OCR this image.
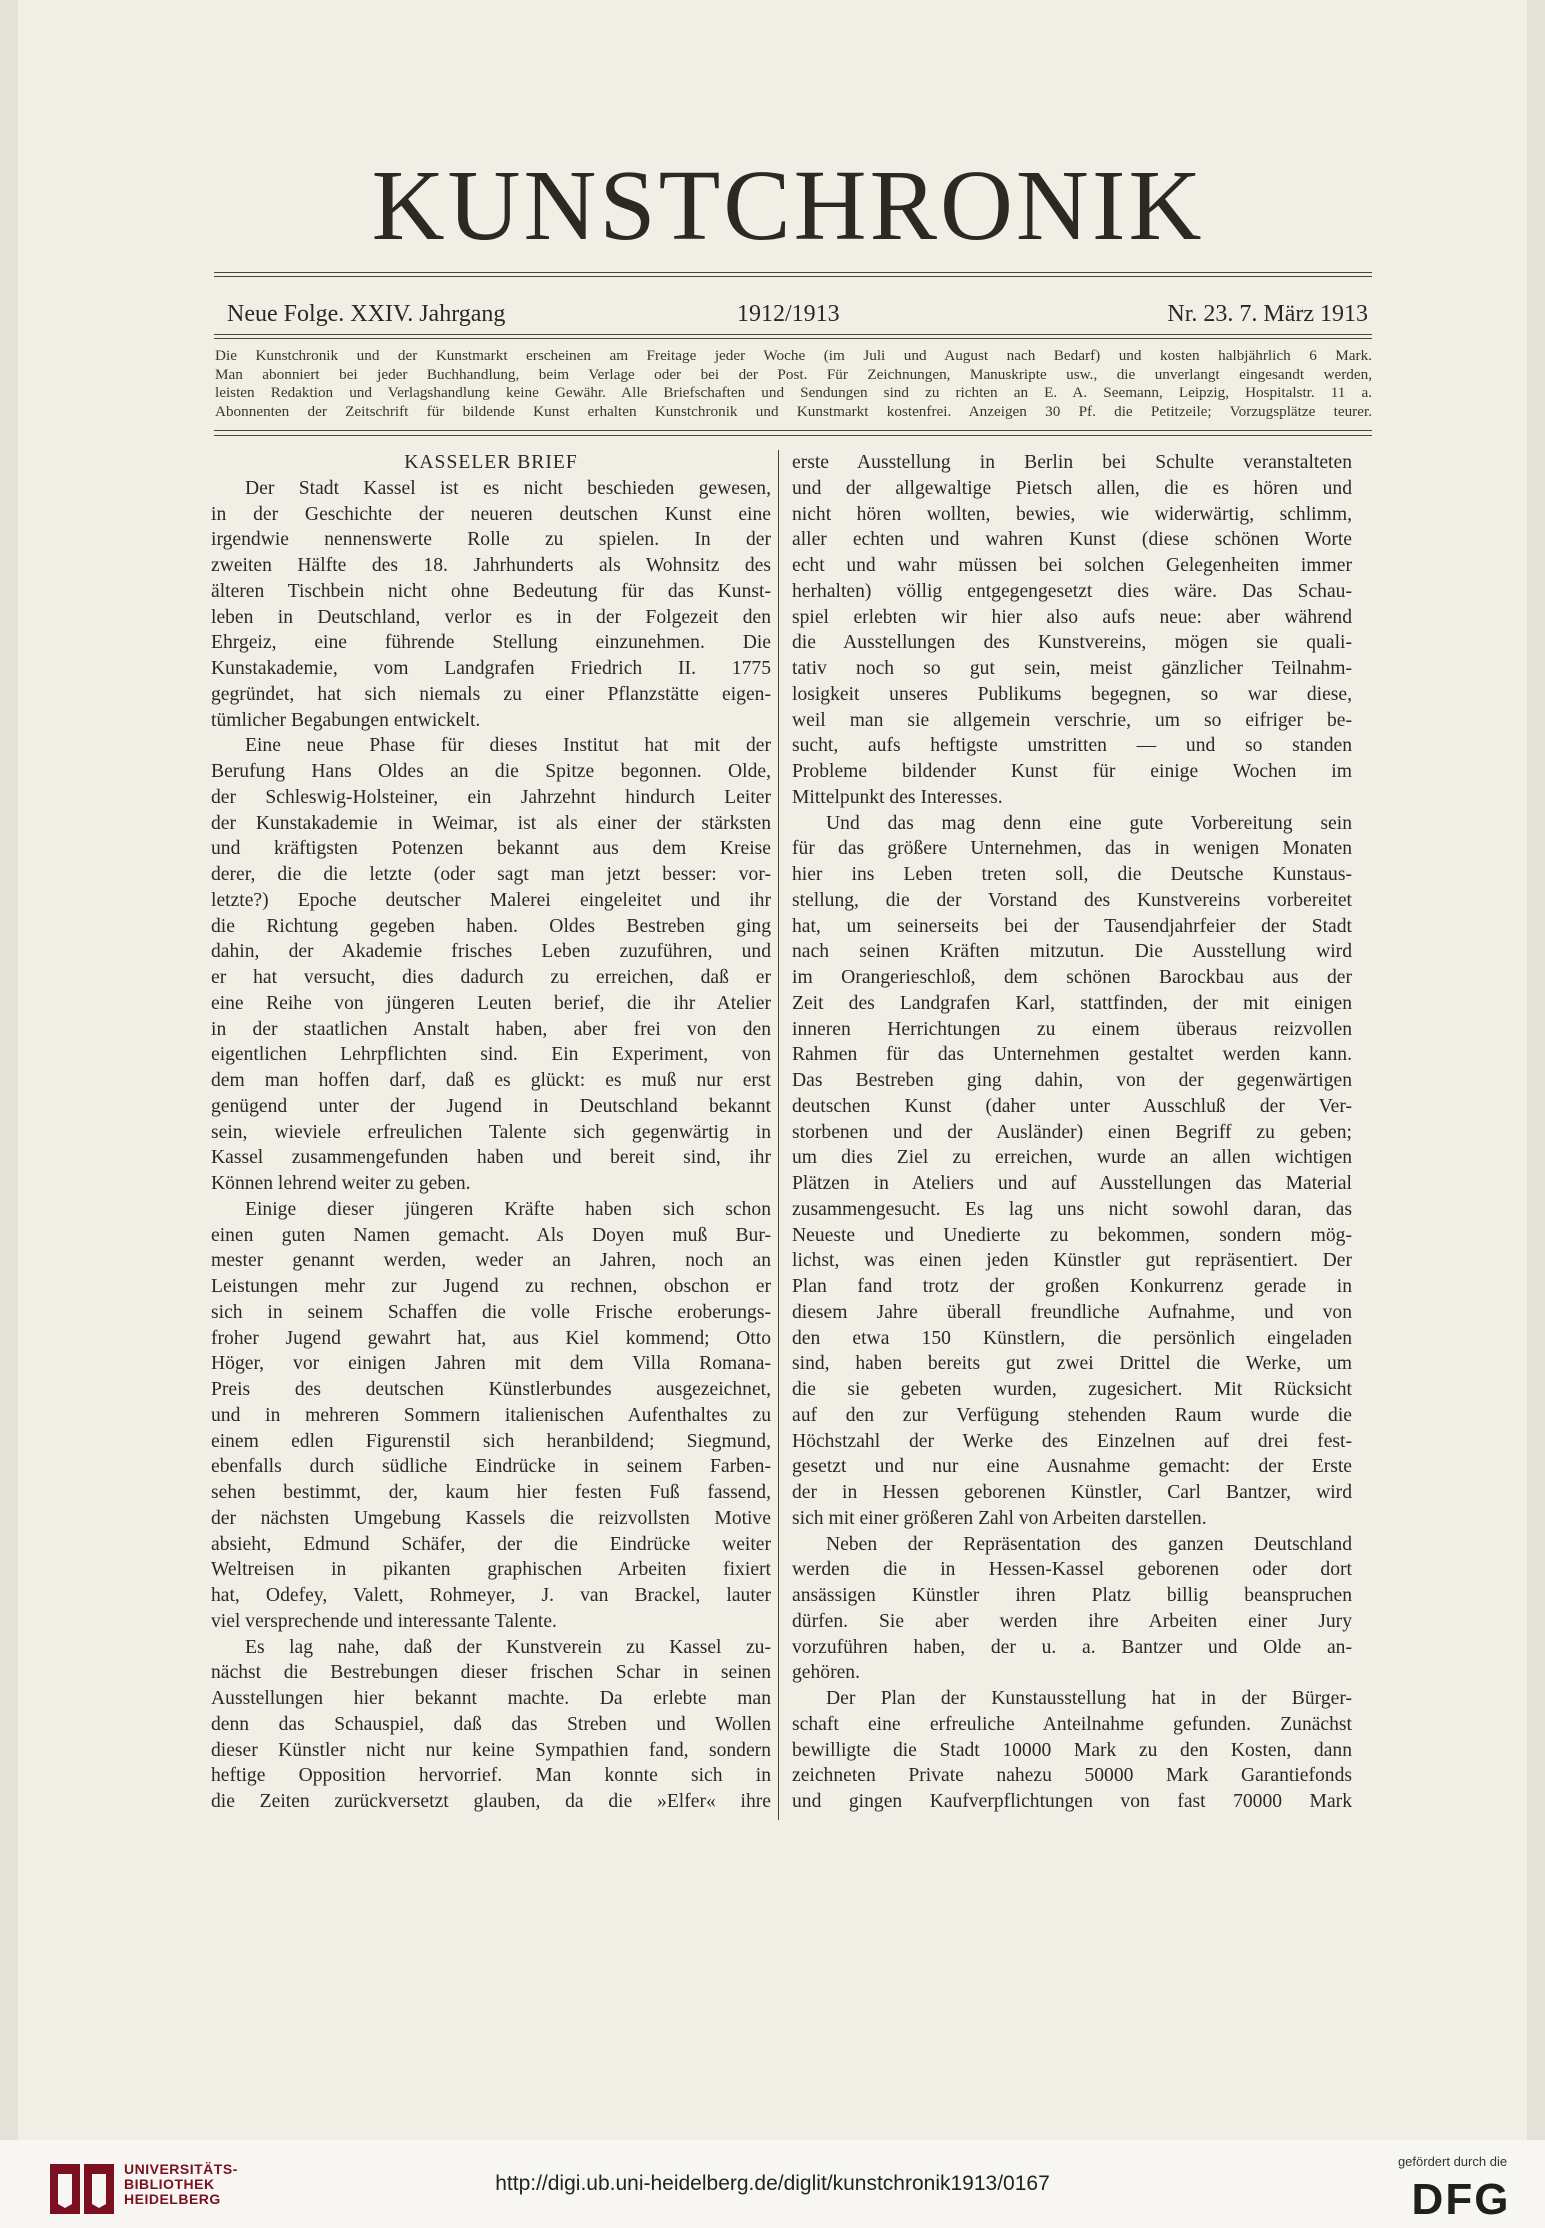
KUNSTCHRONIK
Neue Folge. XXIV. Jahrgang	1912/1913	Nr. 23. 7. März 1913
Die Kunstchronik und der Kunstmarkt erscheinen am Freitage jeder Woche (im Juli und August nach Bedarf) und kosten halbjährlich 6 Mark.
Man abonniert bei jeder Buchhandlung, beim Verlage oder bei der Post. Für Zeichnungen, Manuskripte usw., die unverlangt eingesandt werden,
leisten Redaktion und Verlagshandlung keine Gewähr. Alle Briefschaften und Sendungen sind zu richten an E. A. Seemann, Leipzig, Hospitalstr. 11 a.
Abonnenten der Zeitschrift für bildende Kunst erhalten Kunstchronik und Kunstmarkt kostenfrei. Anzeigen 30 Pf. die Petitzeile; Vorzugsplätze teurer.
KASSELER BRIEF
Der Stadt Kassel ist es nicht beschieden gewesen,
in der Geschichte der neueren deutschen Kunst eine
irgendwie nennenswerte Rolle zu spielen. In der
zweiten Hälfte des 18. Jahrhunderts als Wohnsitz des
älteren Tischbein nicht ohne Bedeutung für das Kunst-
leben in Deutschland, verlor es in der Folgezeit den
Ehrgeiz, eine führende Stellung einzunehmen. Die
Kunstakademie, vom Landgrafen Friedrich II. 1775
gegründet, hat sich niemals zu einer Pflanzstätte eigen-
tümlicher Begabungen entwickelt.
Eine neue Phase für dieses Institut hat mit der
Berufung Hans Oldes an die Spitze begonnen. Olde,
der Schleswig-Holsteiner, ein Jahrzehnt hindurch Leiter
der Kunstakademie in Weimar, ist als einer der stärksten
und kräftigsten Potenzen bekannt aus dem Kreise
derer, die die letzte (oder sagt man jetzt besser: vor-
letzte?) Epoche deutscher Malerei eingeleitet und ihr
die Richtung gegeben haben. Oldes Bestreben ging
dahin, der Akademie frisches Leben zuzuführen, und
er hat versucht, dies dadurch zu erreichen, daß er
eine Reihe von jüngeren Leuten berief, die ihr Atelier
in der staatlichen Anstalt haben, aber frei von den
eigentlichen Lehrpflichten sind. Ein Experiment, von
dem man hoffen darf, daß es glückt: es muß nur erst
genügend unter der Jugend in Deutschland bekannt
sein, wieviele erfreulichen Talente sich gegenwärtig in
Kassel zusammengefunden haben und bereit sind, ihr
Können lehrend weiter zu geben.
Einige dieser jüngeren Kräfte haben sich schon
einen guten Namen gemacht. Als Doyen muß Bur-
mester genannt werden, weder an Jahren, noch an
Leistungen mehr zur Jugend zu rechnen, obschon er
sich in seinem Schaffen die volle Frische eroberungs-
froher Jugend gewahrt hat, aus Kiel kommend; Otto
Höger, vor einigen Jahren mit dem Villa Romana-
Preis des deutschen Künstlerbundes ausgezeichnet,
und in mehreren Sommern italienischen Aufenthaltes zu
einem edlen Figurenstil sich heranbildend; Siegmund,
ebenfalls durch südliche Eindrücke in seinem Farben-
sehen bestimmt, der, kaum hier festen Fuß fassend,
der nächsten Umgebung Kassels die reizvollsten Motive
absieht, Edmund Schäfer, der die Eindrücke weiter
Weltreisen in pikanten graphischen Arbeiten fixiert
hat, Odefey, Valett, Rohmeyer, J. van Brackel, lauter
viel versprechende und interessante Talente.
Es lag nahe, daß der Kunstverein zu Kassel zu-
nächst die Bestrebungen dieser frischen Schar in seinen
Ausstellungen hier bekannt machte. Da erlebte man
denn das Schauspiel, daß das Streben und Wollen
dieser Künstler nicht nur keine Sympathien fand, sondern
heftige Opposition hervorrief. Man konnte sich in
die Zeiten zurückversetzt glauben, da die »Elfer« ihre
erste Ausstellung in Berlin bei Schulte veranstalteten
und der allgewaltige Pietsch allen, die es hören und
nicht hören wollten, bewies, wie widerwärtig, schlimm,
aller echten und wahren Kunst (diese schönen Worte
echt und wahr müssen bei solchen Gelegenheiten immer
herhalten) völlig entgegengesetzt dies wäre. Das Schau-
spiel erlebten wir hier also aufs neue: aber während
die Ausstellungen des Kunstvereins, mögen sie quali-
tativ noch so gut sein, meist gänzlicher Teilnahm-
losigkeit unseres Publikums begegnen, so war diese,
weil man sie allgemein verschrie, um so eifriger be-
sucht, aufs heftigste umstritten — und so standen
Probleme bildender Kunst für einige Wochen im
Mittelpunkt des Interesses.
Und das mag denn eine gute Vorbereitung sein
für das größere Unternehmen, das in wenigen Monaten
hier ins Leben treten soll, die Deutsche Kunstaus-
stellung, die der Vorstand des Kunstvereins vorbereitet
hat, um seinerseits bei der Tausendjahrfeier der Stadt
nach seinen Kräften mitzutun. Die Ausstellung wird
im Orangerieschloß, dem schönen Barockbau aus der
Zeit des Landgrafen Karl, stattfinden, der mit einigen
inneren Herrichtungen zu einem überaus reizvollen
Rahmen für das Unternehmen gestaltet werden kann.
Das Bestreben ging dahin, von der gegenwärtigen
deutschen Kunst (daher unter Ausschluß der Ver-
storbenen und der Ausländer) einen Begriff zu geben;
um dies Ziel zu erreichen, wurde an allen wichtigen
Plätzen in Ateliers und auf Ausstellungen das Material
zusammengesucht. Es lag uns nicht sowohl daran, das
Neueste und Unedierte zu bekommen, sondern mög-
lichst, was einen jeden Künstler gut repräsentiert. Der
Plan fand trotz der großen Konkurrenz gerade in
diesem Jahre überall freundliche Aufnahme, und von
den etwa 150 Künstlern, die persönlich eingeladen
sind, haben bereits gut zwei Drittel die Werke, um
die sie gebeten wurden, zugesichert. Mit Rücksicht
auf den zur Verfügung stehenden Raum wurde die
Höchstzahl der Werke des Einzelnen auf drei fest-
gesetzt und nur eine Ausnahme gemacht: der Erste
der in Hessen geborenen Künstler, Carl Bantzer, wird
sich mit einer größeren Zahl von Arbeiten darstellen.
Neben der Repräsentation des ganzen Deutschland
werden die in Hessen-Kassel geborenen oder dort
ansässigen Künstler ihren Platz billig beanspruchen
dürfen. Sie aber werden ihre Arbeiten einer Jury
vorzuführen haben, der u. a. Bantzer und Olde an-
gehören.
Der Plan der Kunstausstellung hat in der Bürger-
schaft eine erfreuliche Anteilnahme gefunden. Zunächst
bewilligte die Stadt 10000 Mark zu den Kosten, dann
zeichneten Private nahezu 50000 Mark Garantiefonds
und gingen Kaufverpflichtungen von fast 70000 Mark
UNIVERSITÄTS-
BIBLIOTHEK
HEIDELBERG
http://digi.ub.uni-heidelberg.de/diglit/kunstchronik1913/0167
gefördert durch die
DFG
